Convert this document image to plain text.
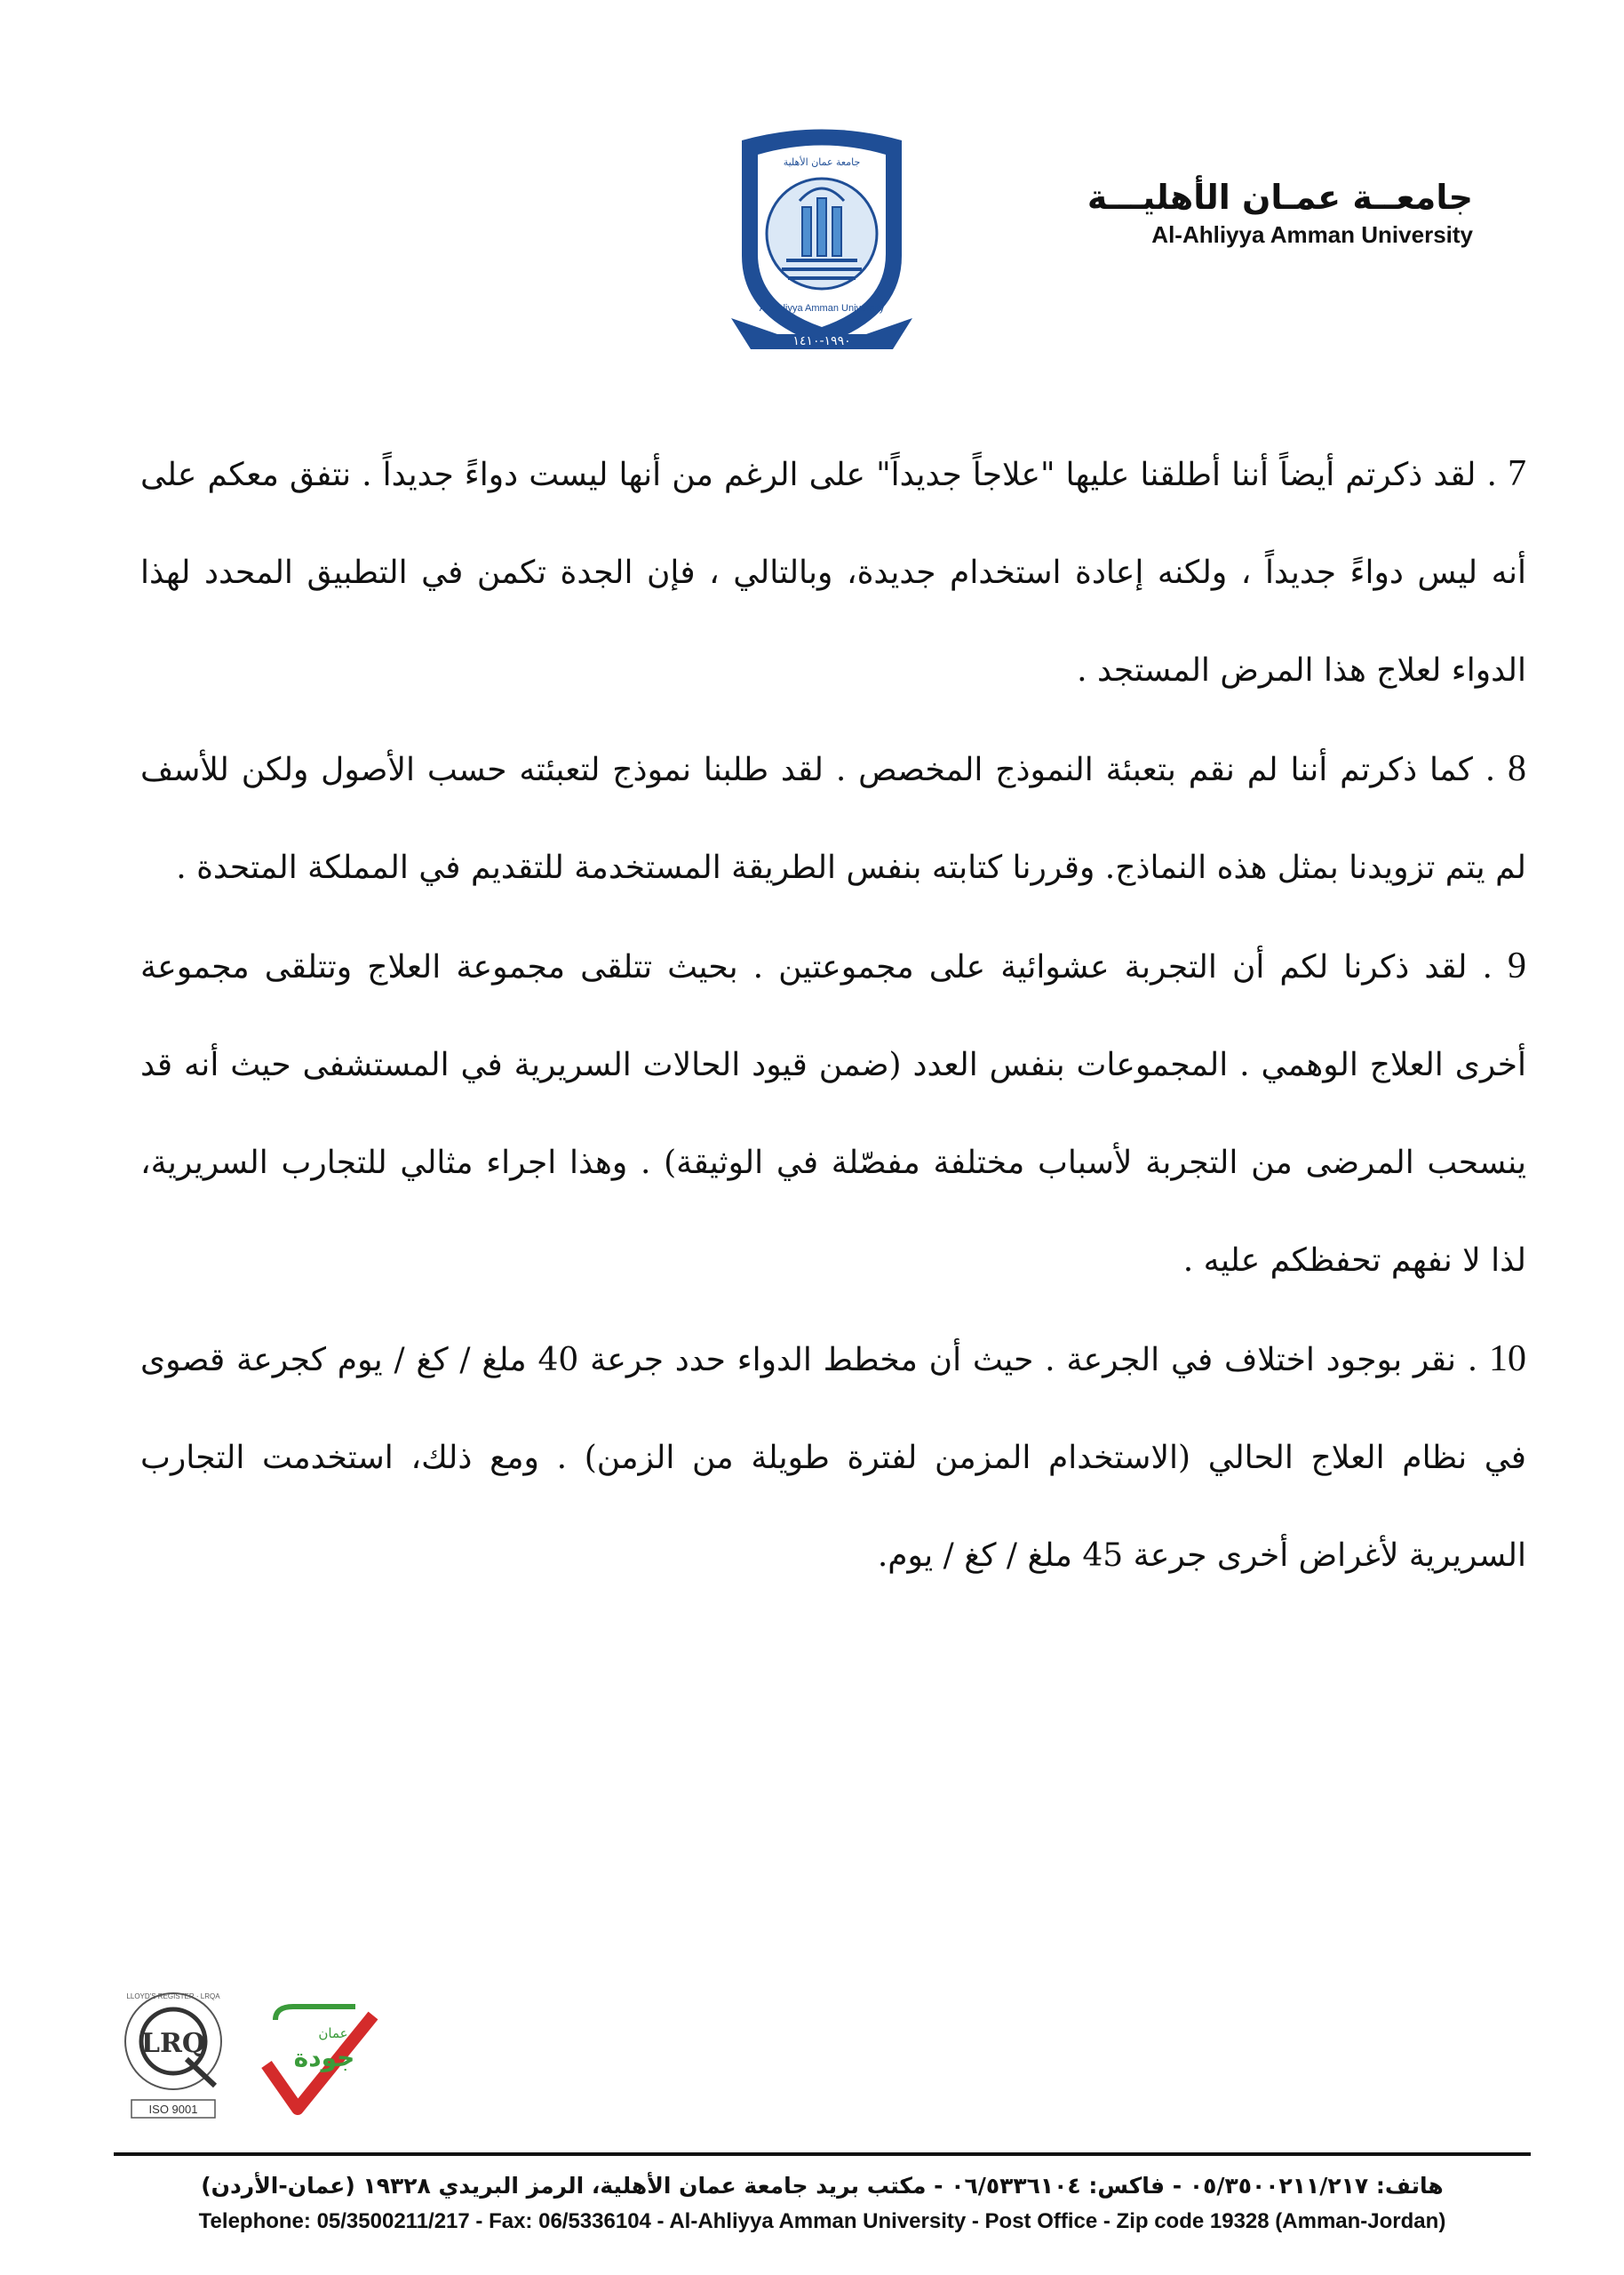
١٩٩٠-١٤١٠
جامعة عمان الأهلية
Al-Ahliyya Amman University
جامعــة عمـان الأهليـــة
Al-Ahliyya Amman University

7 . لقد ذكرتم أيضاً أننا أطلقنا عليها "علاجاً جديداً" على الرغم من أنها ليست دواءً جديداً . نتفق معكم على أنه ليس دواءً جديداً ، ولكنه إعادة استخدام جديدة، وبالتالي ، فإن الجدة تكمن في التطبيق المحدد لهذا الدواء لعلاج هذا المرض المستجد .

8 . كما ذكرتم أننا لم نقم بتعبئة النموذج المخصص . لقد طلبنا نموذج لتعبئته حسب الأصول ولكن للأسف لم يتم تزويدنا بمثل هذه النماذج. وقررنا كتابته بنفس الطريقة المستخدمة للتقديم في المملكة المتحدة .

9 . لقد ذكرنا لكم أن التجربة عشوائية على مجموعتين . بحيث تتلقى مجموعة العلاج وتتلقى مجموعة أخرى العلاج الوهمي . المجموعات بنفس العدد (ضمن قيود الحالات السريرية في المستشفى حيث أنه قد ينسحب المرضى من التجربة لأسباب مختلفة مفصّلة في الوثيقة) . وهذا اجراء مثالي للتجارب السريرية، لذا لا نفهم تحفظكم عليه .

10 . نقر بوجود اختلاف في الجرعة . حيث أن مخطط الدواء حدد جرعة 40 ملغ / كغ / يوم كجرعة قصوى في نظام العلاج الحالي (الاستخدام المزمن لفترة طويلة من الزمن) . ومع ذلك، استخدمت التجارب السريرية لأغراض أخرى جرعة 45 ملغ / كغ / يوم.

LRQ
LLOYD'S REGISTER · LRQA
ISO 9001
عمان
جودة
هاتف: ٠٥/٣٥٠٠٢١١/٢١٧ - فاكس: ٠٦/٥٣٣٦١٠٤ - مكتب بريد جامعة عمان الأهلية، الرمز البريدي ١٩٣٢٨ (عمان-الأردن)
Telephone: 05/3500211/217 - Fax: 06/5336104 - Al-Ahliyya Amman University - Post Office - Zip code 19328 (Amman-Jordan)
